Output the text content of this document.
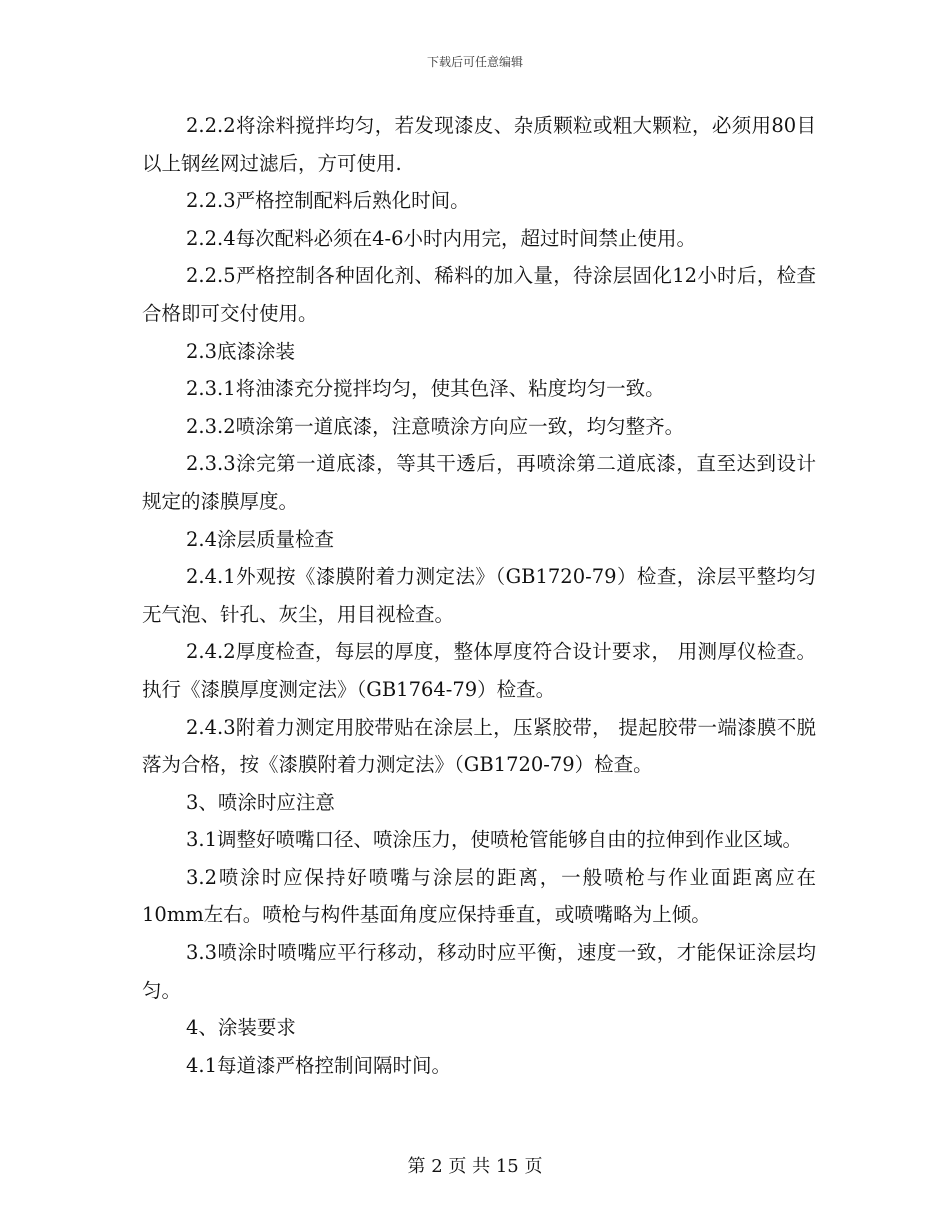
下载后可任意编辑

2.2.2将涂料搅拌均匀，若发现漆皮、杂质颗粒或粗大颗粒，必须用80目以上钢丝网过滤后，方可使用.

2.2.3严格控制配料后熟化时间。

2.2.4每次配料必须在4-6小时内用完，超过时间禁止使用。

2.2.5严格控制各种固化剂、稀料的加入量，待涂层固化12小时后，检查合格即可交付使用。

2.3底漆涂装

2.3.1将油漆充分搅拌均匀，使其色泽、粘度均匀一致。

2.3.2喷涂第一道底漆，注意喷涂方向应一致，均匀整齐。

2.3.3涂完第一道底漆，等其干透后，再喷涂第二道底漆，直至达到设计规定的漆膜厚度。

2.4涂层质量检查

2.4.1外观按《漆膜附着力测定法》（GB1720-79）检查，涂层平整均匀无气泡、针孔、灰尘，用目视检查。

2.4.2厚度检查，每层的厚度，整体厚度符合设计要求， 用测厚仪检查。执行《漆膜厚度测定法》（GB1764-79）检查。

2.4.3附着力测定用胶带贴在涂层上，压紧胶带， 提起胶带一端漆膜不脱落为合格，按《漆膜附着力测定法》（GB1720-79）检查。

3、喷涂时应注意

3.1调整好喷嘴口径、喷涂压力，使喷枪管能够自由的拉伸到作业区域。

3.2喷涂时应保持好喷嘴与涂层的距离，一般喷枪与作业面距离应在10mm左右。喷枪与构件基面角度应保持垂直，或喷嘴略为上倾。

3.3喷涂时喷嘴应平行移动，移动时应平衡，速度一致，才能保证涂层均匀。

4、涂装要求

4.1每道漆严格控制间隔时间。

第 2 页 共 15 页
